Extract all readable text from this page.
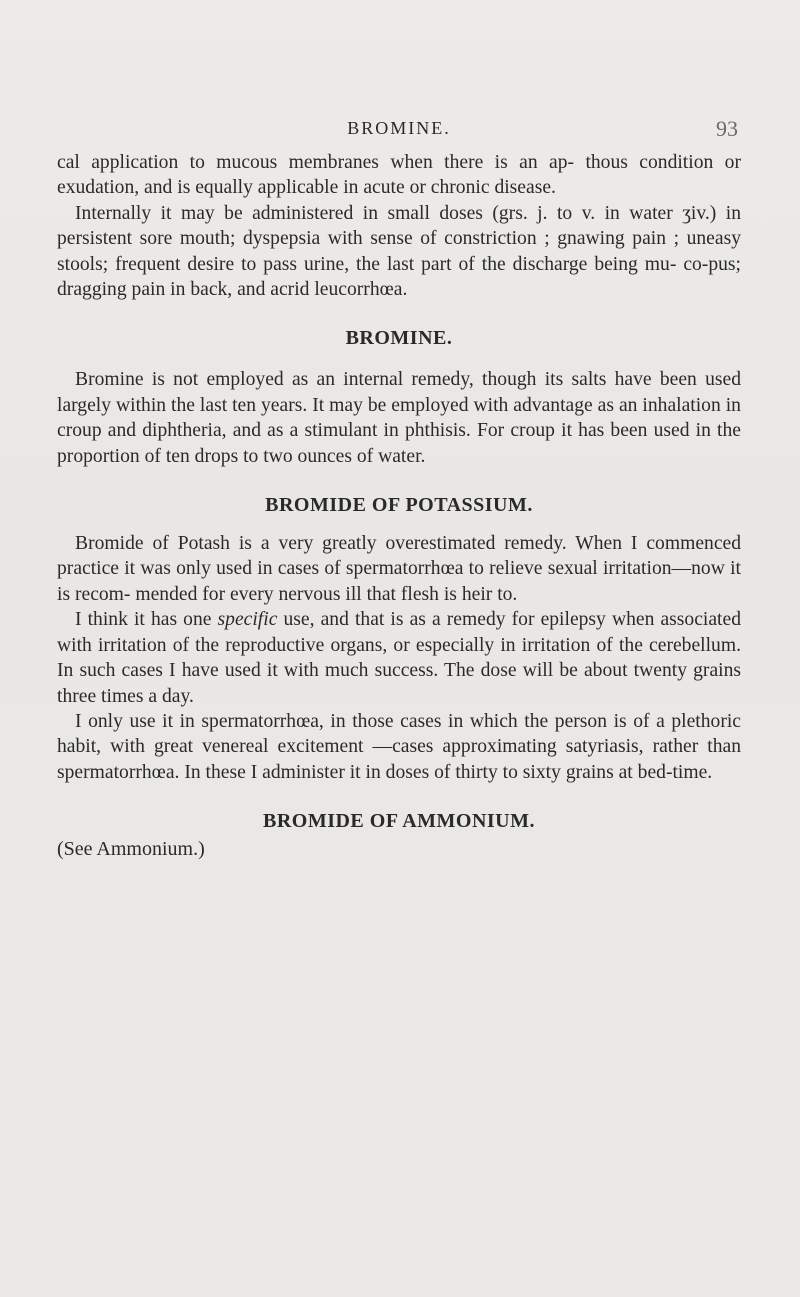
BROMINE.	93

cal application to mucous membranes when there is an ap- thous condition or exudation, and is equally applicable in acute or chronic disease.

Internally it may be administered in small doses (grs. j. to v. in water ʒiv.) in persistent sore mouth; dyspepsia with sense of constriction ; gnawing pain ; uneasy stools; frequent desire to pass urine, the last part of the discharge being mu- co-pus; dragging pain in back, and acrid leucorrhœa.

BROMINE.

Bromine is not employed as an internal remedy, though its salts have been used largely within the last ten years. It may be employed with advantage as an inhalation in croup and diphtheria, and as a stimulant in phthisis. For croup it has been used in the proportion of ten drops to two ounces of water.

BROMIDE OF POTASSIUM.

Bromide of Potash is a very greatly overestimated remedy. When I commenced practice it was only used in cases of spermatorrhœa to relieve sexual irritation—now it is recom- mended for every nervous ill that flesh is heir to.

I think it has one specific use, and that is as a remedy for epilepsy when associated with irritation of the reproductive organs, or especially in irritation of the cerebellum. In such cases I have used it with much success. The dose will be about twenty grains three times a day.

I only use it in spermatorrhœa, in those cases in which the person is of a plethoric habit, with great venereal excitement —cases approximating satyriasis, rather than spermatorrhœa. In these I administer it in doses of thirty to sixty grains at bed-time.

BROMIDE OF AMMONIUM.

(See Ammonium.)
